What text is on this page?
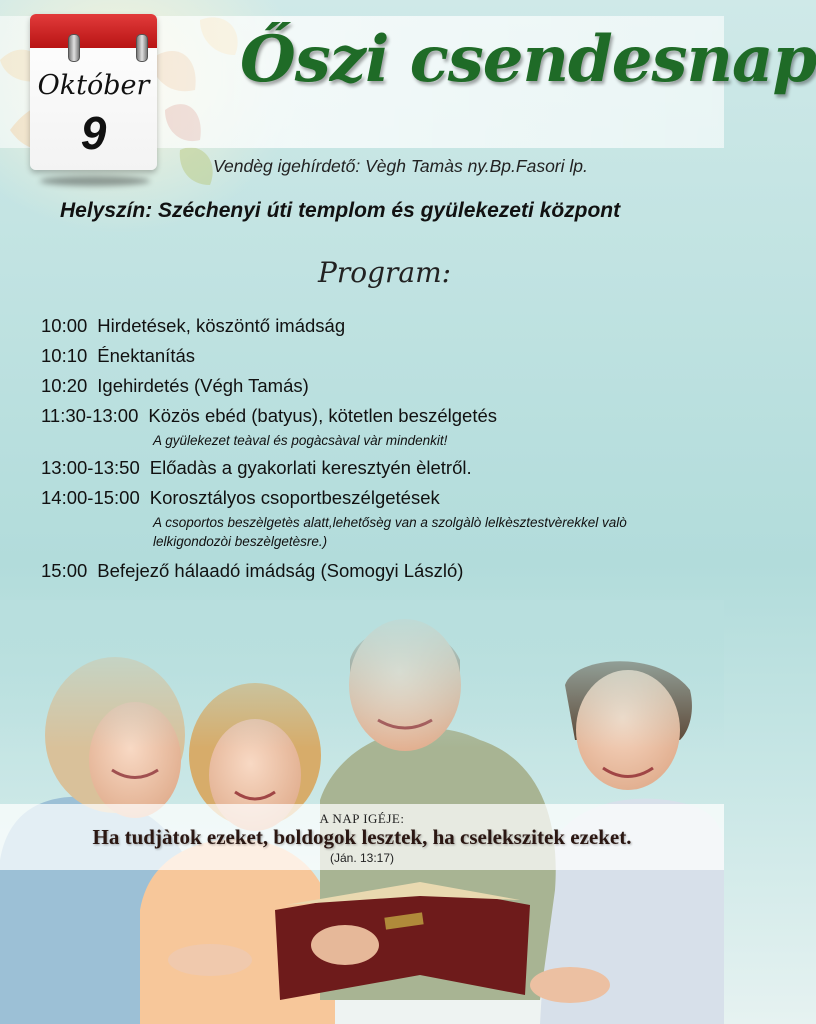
Őszi csendesnap
Október
9
Vendèg igehírdető: Vègh Tamàs ny.Bp.Fasori lp.
Helyszín: Széchenyi úti templom és gyülekezeti központ
Program:
10:00 Hirdetések, köszöntő imádság
10:10 Énektanítás
10:20 Igehirdetés (Végh Tamás)
11:30-13:00 Közös ebéd (batyus), kötetlen beszélgetés
A gyülekezet teàval és pogàcsàval vàr mindenkit!
13:00-13:50 Előadàs a gyakorlati keresztyén èletről.
14:00-15:00 Korosztályos csoportbeszélgetések
A csoportos beszèlgetès alatt,lehetősèg van a szolgàlò lelkèsztestvèrekkel valò lelkigondozòi beszèlgetèsre.)
15:00 Befejező hálaadó imádság (Somogyi László)
A NAP IGÉJE:
Ha tudjàtok ezeket, boldogok lesztek, ha cselekszitek ezeket.
(Ján. 13:17)
